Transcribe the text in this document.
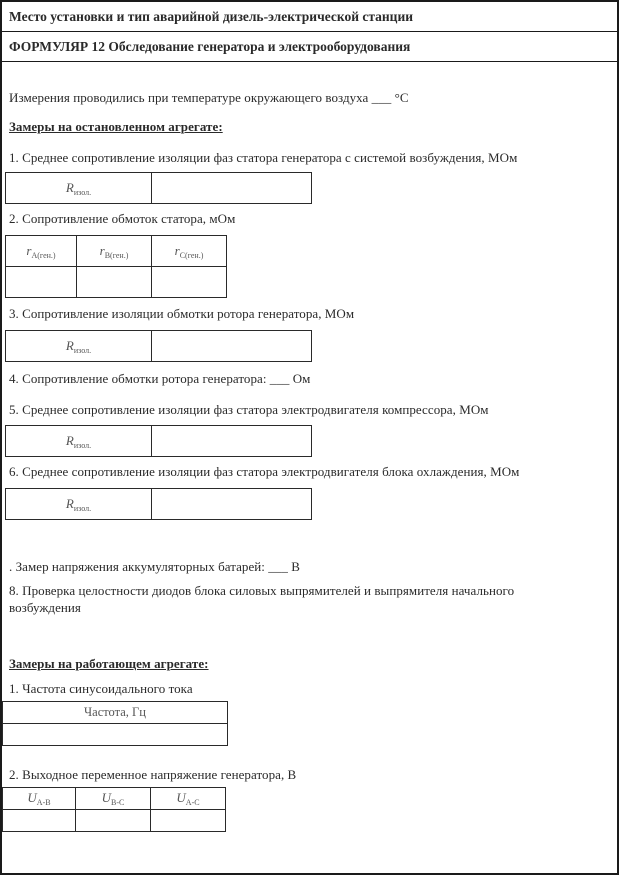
Место установки и тип аварийной дизель-электрической станции
ФОРМУЛЯР 12 Обследование генератора и электрооборудования
Измерения проводились при температуре окружающего воздуха ___ °С
Замеры на остановленном агрегате:
1. Среднее сопротивление изоляции фаз статора генератора с системой возбуждения, МОм
$R_{изол.}$	
2. Сопротивление обмоток статора, мОм
$r_{A(ген.)}$	$r_{B(ген.)}$	$r_{C(ген.)}$

3. Сопротивление изоляции обмотки ротора генератора, МОм
$R_{изол.}$	
4. Сопротивление обмотки ротора генератора: ___ Ом
5. Среднее сопротивление изоляции фаз статора электродвигателя компрессора, МОм
$R_{изол.}$	
6. Среднее сопротивление изоляции фаз статора электродвигателя блока охлаждения, МОм
$R_{изол.}$	
. Замер напряжения аккумуляторных батарей: ___ В
8. Проверка целостности диодов блока силовых выпрямителей и выпрямителя начального
возбуждения
Замеры на работающем агрегате:
1. Частота синусоидального тока
Частота, Гц

2. Выходное переменное напряжение генератора, В
$U_{A-B}$	$U_{B-C}$	$U_{A-C}$
